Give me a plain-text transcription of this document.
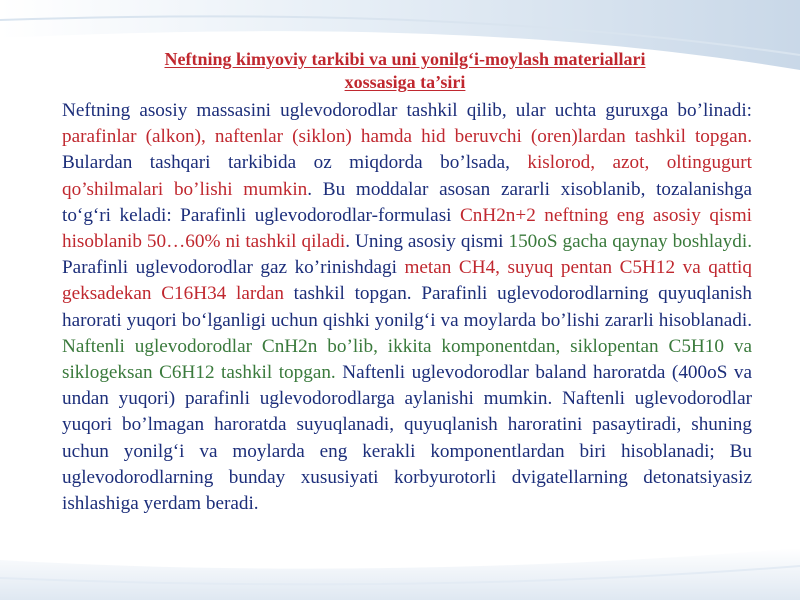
Neftning kimyoviy tarkibi va uni yonilg‘i-moylash materiallari
xossasiga ta’siri

Neftning asosiy massasini uglevodorodlar tashkil qilib, ular uchta guruxga bo’linadi: parafinlar (alkon), naftenlar (siklon) hamda hid beruvchi (oren)lardan tashkil topgan. Bulardan tashqari tarkibida oz miqdorda bo’lsada, kislorod, azot, oltingugurt qo’shilmalari bo’lishi mumkin. Bu moddalar asosan zararli xisoblanib, tozalanishga to‘g‘ri keladi: Parafinli uglevodorodlar-formulasi CnH2n+2 neftning eng asosiy qismi hisoblanib 50…60% ni tashkil qiladi. Uning asosiy qismi 150oS gacha qaynay boshlaydi. Parafinli uglevodorodlar gaz ko’rinishdagi metan CH4, suyuq pentan C5H12 va qattiq geksadekan C16H34 lardan tashkil topgan. Parafinli uglevodorodlarning quyuqlanish harorati yuqori bo‘lganligi uchun qishki yonilg‘i va moylarda bo’lishi zararli hisoblanadi. Naftenli uglevodorodlar CnH2n bo’lib, ikkita komponentdan, siklopentan C5H10 va siklogeksan C6H12 tashkil topgan. Naftenli uglevodorodlar baland haroratda (400oS va undan yuqori) parafinli uglevodorodlarga aylanishi mumkin. Naftenli uglevodorodlar yuqori bo’lmagan haroratda suyuqlanadi, quyuqlanish haroratini pasaytiradi, shuning uchun yonilg‘i va moylarda eng kerakli komponentlardan biri hisoblanadi; Bu uglevodorodlarning bunday xususiyati korbyurotorli dvigatellarning detonatsiyasiz ishlashiga yerdam beradi.
